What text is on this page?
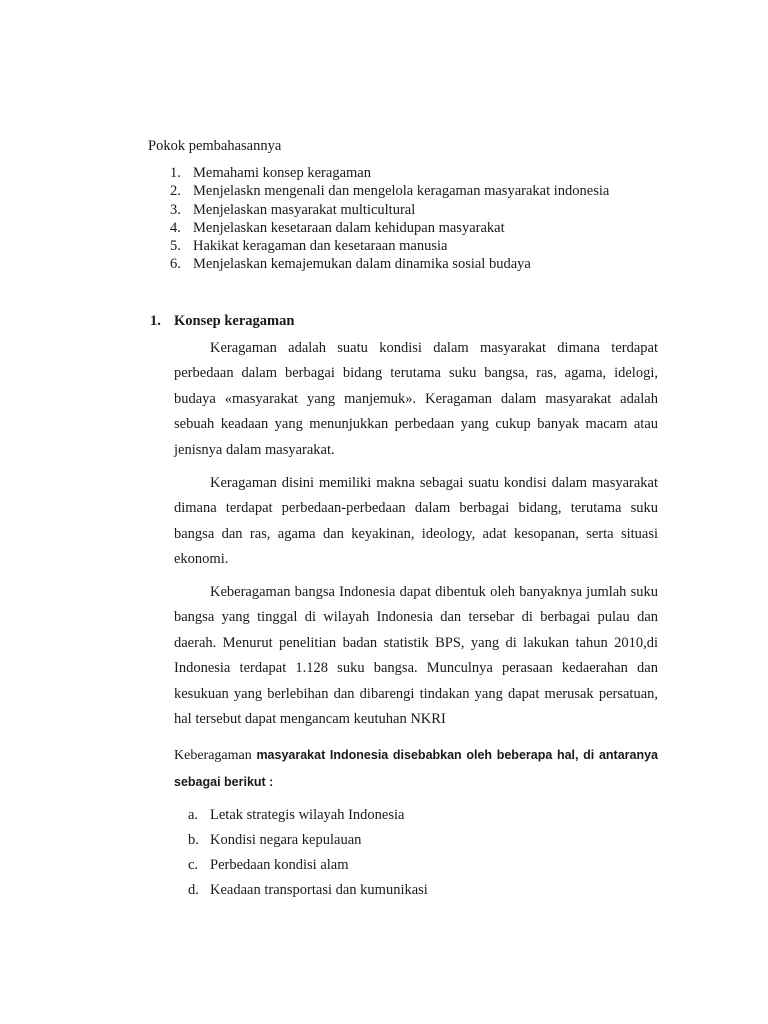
Pokok pembahasannya

1. Memahami konsep keragaman
2. Menjelaskn mengenali dan mengelola keragaman masyarakat indonesia
3. Menjelaskan masyarakat multicultural
4. Menjelaskan kesetaraan dalam kehidupan masyarakat
5. Hakikat keragaman dan kesetaraan manusia
6. Menjelaskan kemajemukan dalam dinamika sosial budaya
1. Konsep keragaman

Keragaman adalah suatu kondisi dalam masyarakat dimana terdapat perbedaan dalam berbagai bidang terutama suku bangsa, ras, agama, idelogi, budaya «masyarakat yang manjemuk». Keragaman dalam masyarakat adalah sebuah keadaan yang menunjukkan perbedaan yang cukup banyak macam atau jenisnya dalam masyarakat.

Keragaman disini memiliki makna sebagai suatu kondisi dalam masyarakat dimana terdapat perbedaan-perbedaan dalam berbagai bidang, terutama suku bangsa dan ras, agama dan keyakinan, ideology, adat kesopanan, serta situasi ekonomi.

Keberagaman bangsa Indonesia dapat dibentuk oleh banyaknya jumlah suku bangsa yang tinggal di wilayah Indonesia dan tersebar di berbagai pulau dan daerah. Menurut penelitian badan statistik BPS, yang di lakukan tahun 2010,di Indonesia terdapat 1.128 suku bangsa. Munculnya perasaan kedaerahan dan kesukuan yang berlebihan dan dibarengi tindakan yang dapat merusak persatuan, hal tersebut dapat mengancam keutuhan NKRI

Keberagaman masyarakat Indonesia disebabkan oleh beberapa hal, di antaranya sebagai berikut :

a. Letak strategis wilayah Indonesia
b. Kondisi negara kepulauan
c. Perbedaan kondisi alam
d. Keadaan transportasi dan kumunikasi
